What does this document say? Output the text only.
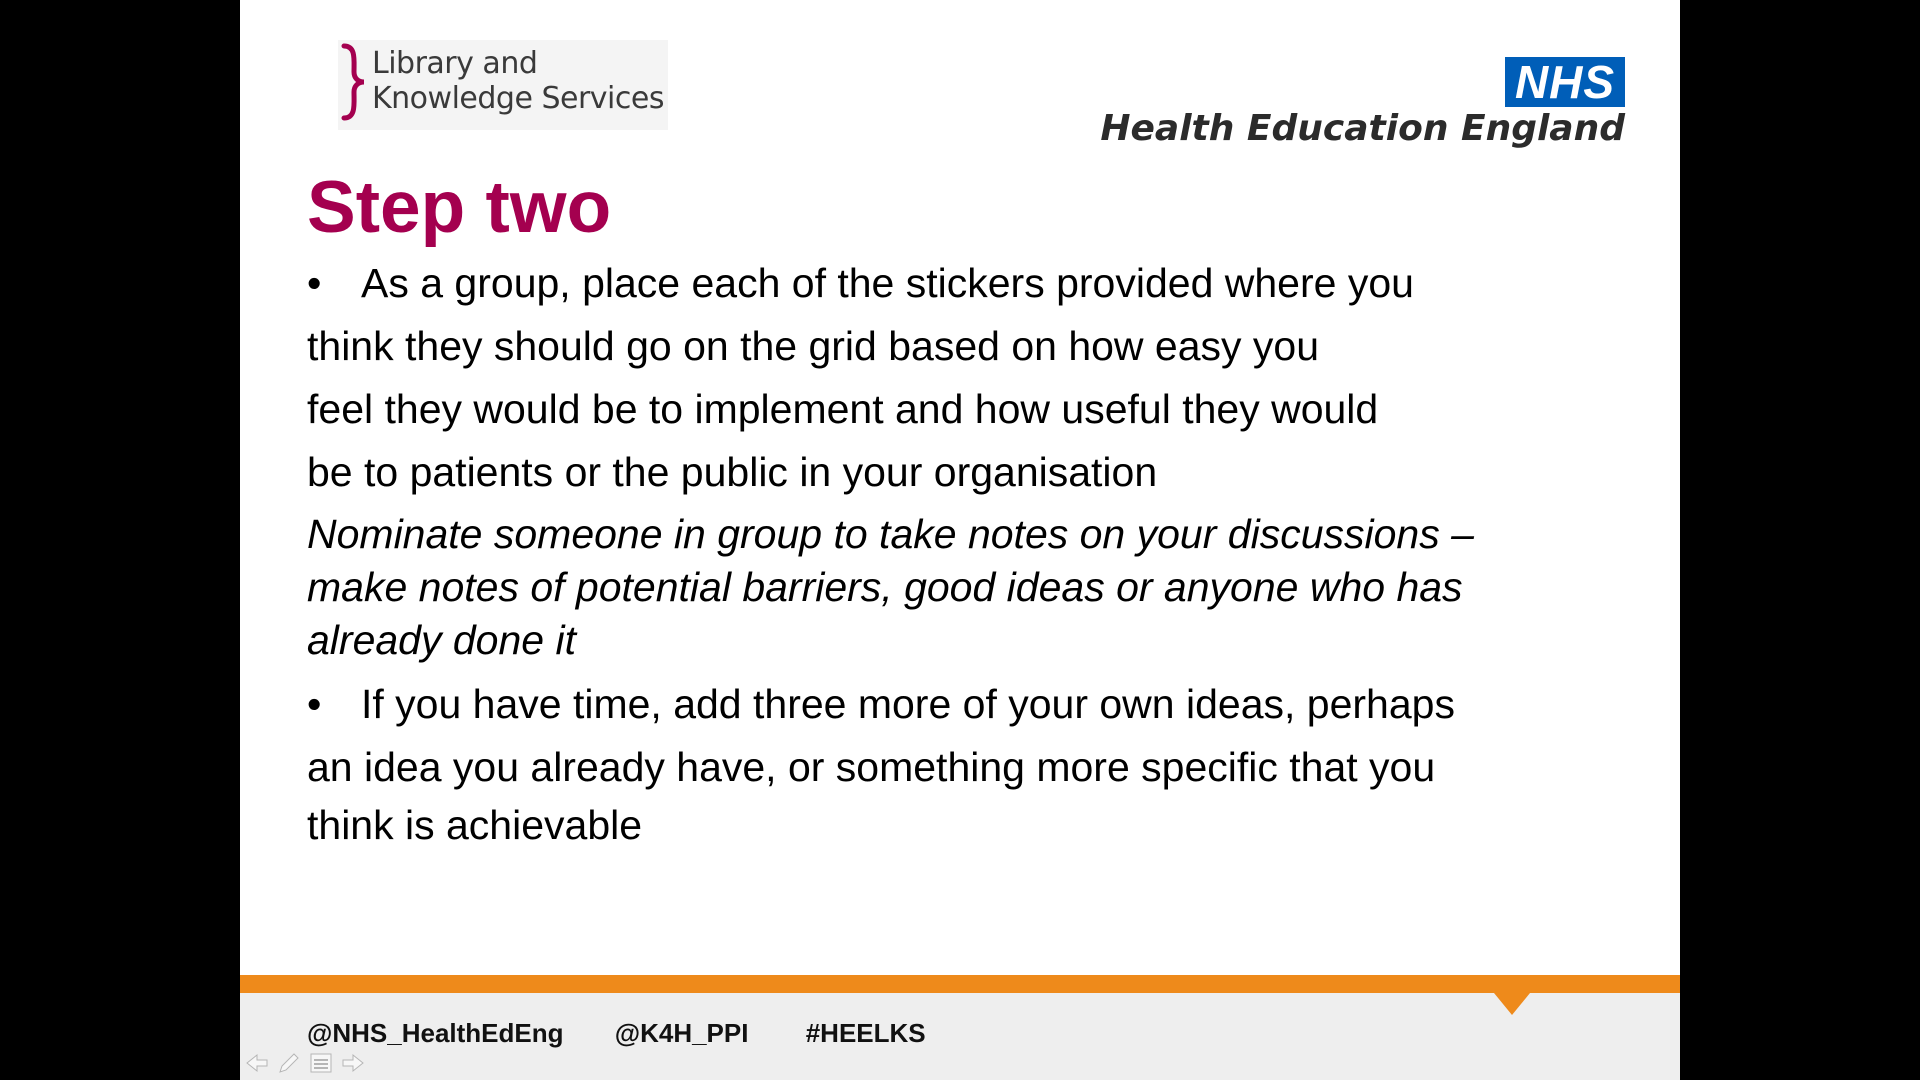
Library and
Knowledge Services	NHS
Health Education England
Step two
• As a group, place each of the stickers provided where you
think they should go on the grid based on how easy you
feel they would be to implement and how useful they would
be to patients or the public in your organisation
Nominate someone in group to take notes on your discussions –
make notes of potential barriers, good ideas or anyone who has
already done it
• If you have time, add three more of your own ideas, perhaps
an idea you already have, or something more specific that you
think is achievable
@NHS_HealthEdEng @K4H_PPI #HEELKS
